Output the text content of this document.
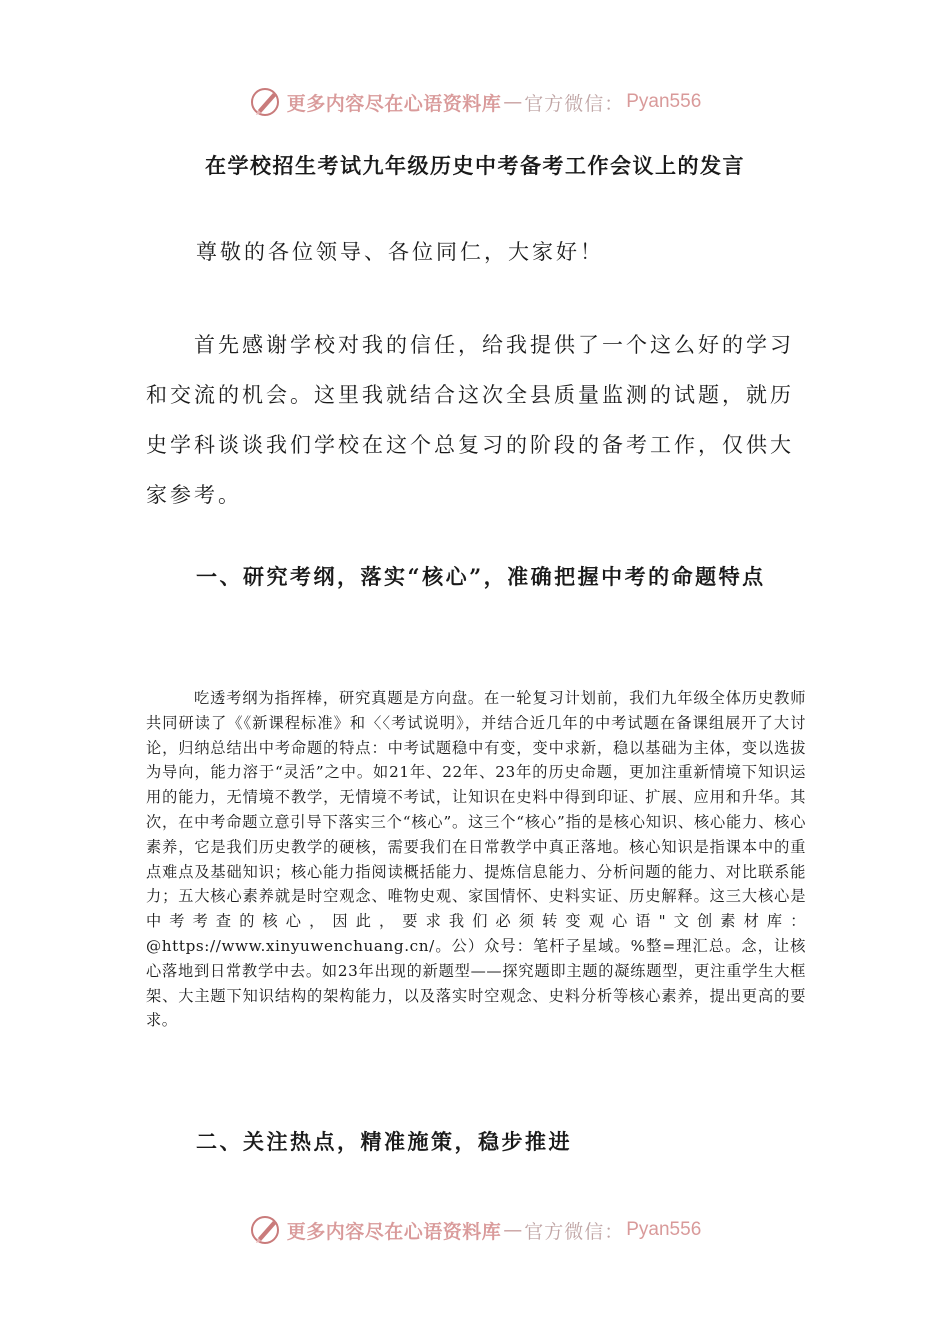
更多内容尽在心语资料库 — 官方微信： Pyan556
在学校招生考试九年级历史中考备考工作会议上的发言
尊敬的各位领导、各位同仁，大家好！

首先感谢学校对我的信任，给我提供了一个这么好的学习和交流的机会。这里我就结合这次全县质量监测的试题，就历史学科谈谈我们学校在这个总复习的阶段的备考工作，仅供大家参考。

一、研究考纲，落实“核心”，准确把握中考的命题特点

吃透考纲为指挥棒，研究真题是方向盘。在一轮复习计划前，我们九年级全体历史教师共同研读了《《新课程标准》和〈〈考试说明》，并结合近几年的中考试题在备课组展开了大讨论，归纳总结出中考命题的特点：中考试题稳中有变，变中求新，稳以基础为主体，变以选拔为导向，能力溶于“灵活”之中。如21年、22年、23年的历史命题，更加注重新情境下知识运用的能力，无情境不教学，无情境不考试，让知识在史料中得到印证、扩展、应用和升华。其次，在中考命题立意引导下落实三个“核心”。这三个“核心”指的是核心知识、核心能力、核心素养，它是我们历史教学的硬核，需要我们在日常教学中真正落地。核心知识是指课本中的重点难点及基础知识；核心能力指阅读概括能力、提炼信息能力、分析问题的能力、对比联系能力；五大核心素养就是时空观念、唯物史观、家国情怀、史料实证、历史解释。这三大核心是中考考查的核心，因此，要求我们必须转变观心语"文创素材库：@https://www.xinyuwenchuang.cn/。公）众号：笔杆子星域。%整=理汇总。念，让核心落地到日常教学中去。如23年出现的新题型——探究题即主题的凝练题型，更注重学生大框架、大主题下知识结构的架构能力，以及落实时空观念、史料分析等核心素养，提出更高的要求。

二、关注热点，精准施策，稳步推进
更多内容尽在心语资料库 — 官方微信： Pyan556
